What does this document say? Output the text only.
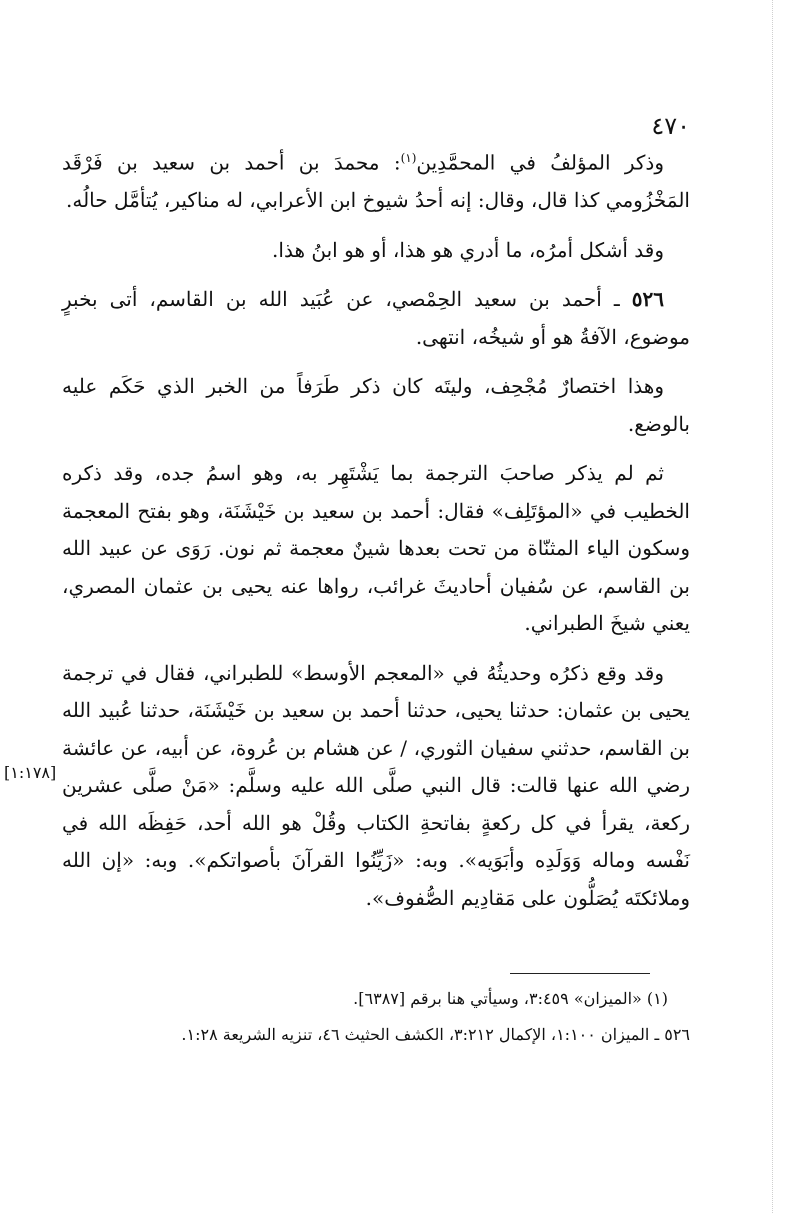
٤٧٠

وذكر المؤلفُ في المحمَّدِين$^{(١)}$: محمدَ بن أحمد بن سعيد بن فَرْقَد المَخْزُومي كذا قال، وقال: إنه أحدُ شيوخ ابن الأعرابي، له مناكير، يُتأمَّل حالُه.

وقد أشكل أمرُه، ما أدري هو هذا، أو هو ابنُ هذا.

٥٢٦ ـ أحمد بن سعيد الحِمْصي، عن عُبَيد الله بن القاسم، أتى بخبرٍ موضوع، الآفةُ هو أو شيخُه، انتهى.

وهذا اختصارٌ مُجْحِف، وليتَه كان ذكر طَرَفاً من الخبر الذي حَكَم عليه بالوضع.

ثم لم يذكر صاحبَ الترجمة بما يَشْتَهِر به، وهو اسمُ جده، وقد ذكره الخطيب في «المؤتَلِف» فقال: أحمد بن سعيد بن خَيْشَنَة، وهو بفتح المعجمة وسكون الياء المثنّاة من تحت بعدها شينٌ معجمة ثم نون. رَوَى عن عبيد الله بن القاسم، عن سُفيان أحاديثَ غرائب، رواها عنه يحيى بن عثمان المصري، يعني شيخَ الطبراني.

وقد وقع ذكرُه وحديثُهُ في «المعجم الأوسط» للطبراني، فقال في ترجمة يحيى بن عثمان: حدثنا يحيى، حدثنا أحمد بن سعيد بن خَيْشَنَة، حدثنا عُبيد الله بن القاسم، حدثني سفيان الثوري، / عن هشام بن عُروة، عن أبيه، عن عائشة رضي الله عنها قالت: قال النبي صلَّى الله عليه وسلَّم: «مَنْ صلَّى عشرين ركعة، يقرأ في كل ركعةٍ بفاتحةِ الكتاب وقُلْ هو الله أحد، حَفِظَه الله في نَفْسه وماله وَوَلَدِه وأبَوَيه». وبه: «زَيِّنُوا القرآنَ بأصواتكم». وبه: «إن الله وملائكتَه يُصَلُّون على مَقادِيم الصُّفوف».

[١:١٧٨]

(١) «الميزان» ٣:٤٥٩، وسيأتي هنا برقم [٦٣٨٧].

٥٢٦ ـ الميزان ١:١٠٠، الإكمال ٣:٢١٢، الكشف الحثيث ٤٦، تنزيه الشريعة ١:٢٨.
